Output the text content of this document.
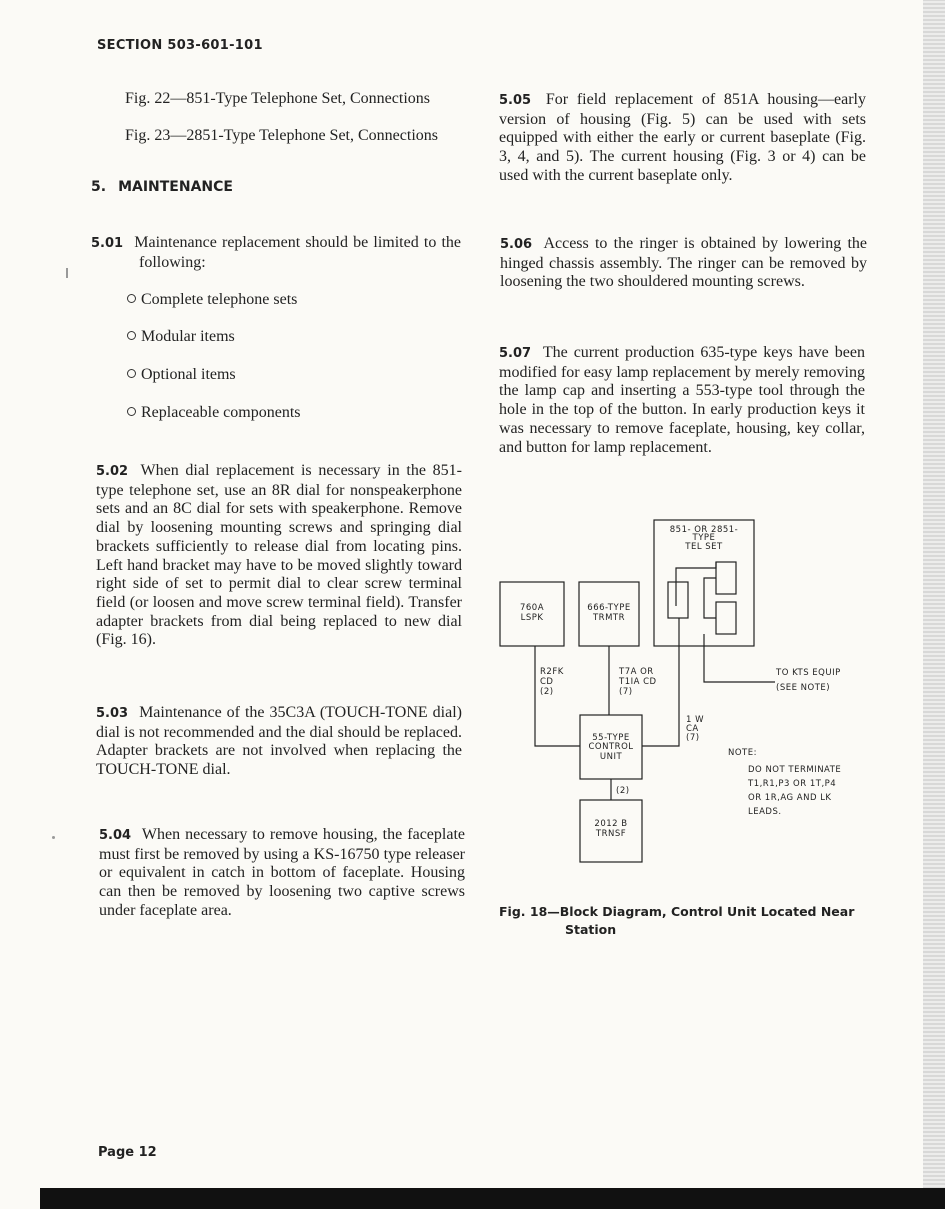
SECTION 503-601-101
Fig. 22—851-Type Telephone Set, Connections
Fig. 23—2851-Type Telephone Set, Connections
5. MAINTENANCE
5.01 Maintenance replacement should be limited to the following:
Complete telephone sets
Modular items
Optional items
Replaceable components
5.02 When dial replacement is necessary in the 851-type telephone set, use an 8R dial for nonspeakerphone sets and an 8C dial for sets with speakerphone. Remove dial by loosening mounting screws and springing dial brackets sufficiently to release dial from locating pins. Left hand bracket may have to be moved slightly toward right side of set to permit dial to clear screw terminal field (or loosen and move screw terminal field). Transfer adapter brackets from dial being replaced to new dial (Fig. 16).
5.03 Maintenance of the 35C3A (TOUCH-TONE dial) dial is not recommended and the dial should be replaced. Adapter brackets are not involved when replacing the TOUCH-TONE dial.
5.04 When necessary to remove housing, the faceplate must first be removed by using a KS-16750 type releaser or equivalent in catch in bottom of faceplate. Housing can then be removed by loosening two captive screws under faceplate area.
5.05 For field replacement of 851A housing—early version of housing (Fig. 5) can be used with sets equipped with either the early or current baseplate (Fig. 3, 4, and 5). The current housing (Fig. 3 or 4) can be used with the current baseplate only.
5.06 Access to the ringer is obtained by lowering the hinged chassis assembly. The ringer can be removed by loosening the two shouldered mounting screws.
5.07 The current production 635-type keys have been modified for easy lamp replacement by merely removing the lamp cap and inserting a 553-type tool through the hole in the top of the button. In early production keys it was necessary to remove faceplate, housing, key collar, and button for lamp replacement.
851- OR 2851-
TYPE
TEL SET
760A
LSPK
666-TYPE
TRMTR
R2FK
CD
(2)
T7A OR
T1IA CD
(7)
1 W
CA
(7)
TO KTS EQUIP
(SEE NOTE)
55-TYPE
CONTROL
UNIT
(2)
2012 B
TRNSF
NOTE:
DO NOT TERMINATE
T1,R1,P3 OR 1T,P4
OR 1R,AG AND LK
LEADS.
Fig. 18—Block Diagram, Control Unit Located Near
Station
Page 12
